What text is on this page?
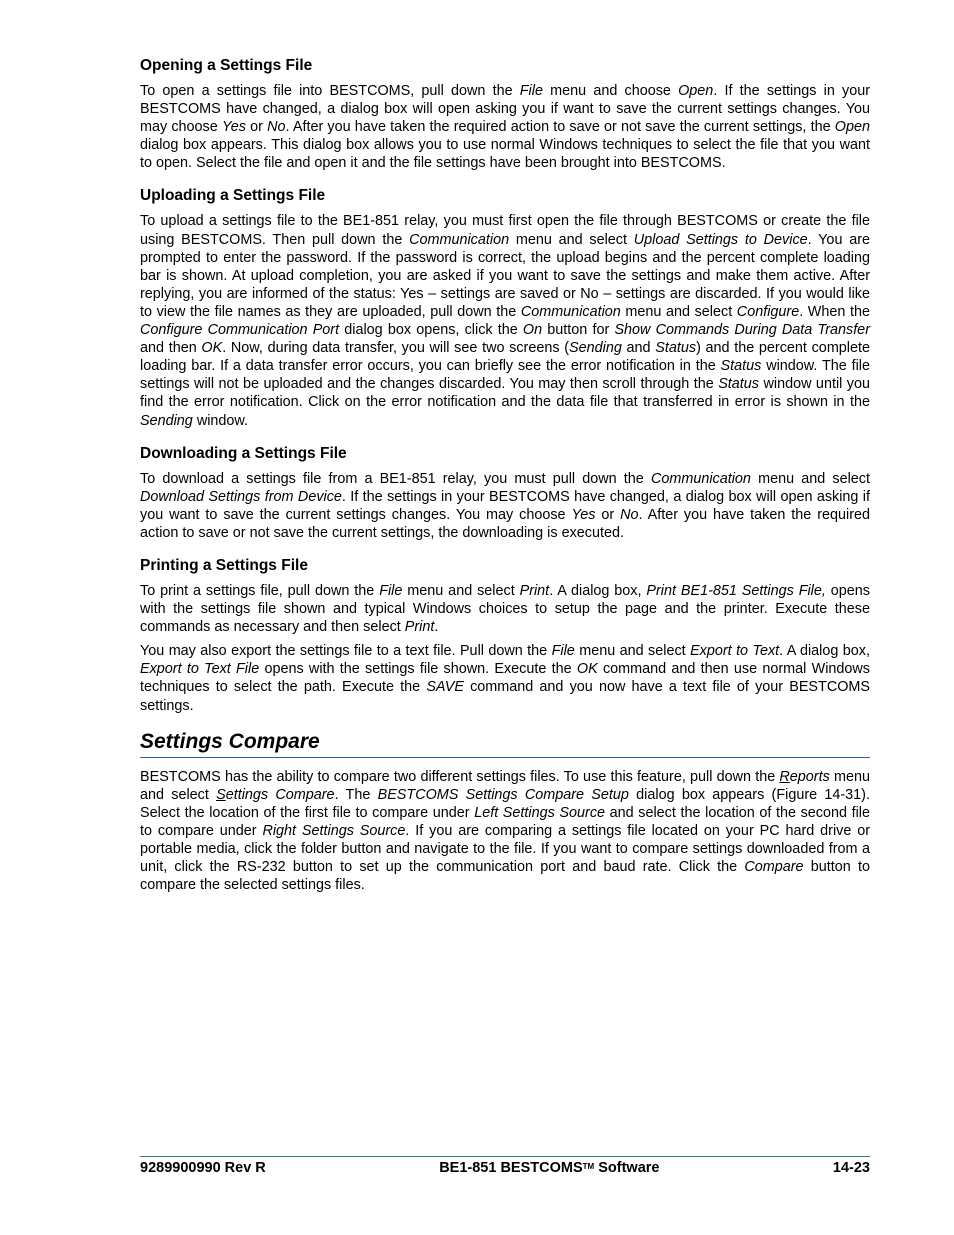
Opening a Settings File

To open a settings file into BESTCOMS, pull down the File menu and choose Open. If the settings in your BESTCOMS have changed, a dialog box will open asking you if want to save the current settings changes. You may choose Yes or No. After you have taken the required action to save or not save the current settings, the Open dialog box appears. This dialog box allows you to use normal Windows techniques to select the file that you want to open. Select the file and open it and the file settings have been brought into BESTCOMS.

Uploading a Settings File

To upload a settings file to the BE1-851 relay, you must first open the file through BESTCOMS or create the file using BESTCOMS. Then pull down the Communication menu and select Upload Settings to Device. You are prompted to enter the password. If the password is correct, the upload begins and the percent complete loading bar is shown. At upload completion, you are asked if you want to save the settings and make them active. After replying, you are informed of the status: Yes – settings are saved or No – settings are discarded. If you would like to view the file names as they are uploaded, pull down the Communication menu and select Configure. When the Configure Communication Port dialog box opens, click the On button for Show Commands During Data Transfer and then OK. Now, during data transfer, you will see two screens (Sending and Status) and the percent complete loading bar. If a data transfer error occurs, you can briefly see the error notification in the Status window. The file settings will not be uploaded and the changes discarded. You may then scroll through the Status window until you find the error notification. Click on the error notification and the data file that transferred in error is shown in the Sending window.

Downloading a Settings File

To download a settings file from a BE1-851 relay, you must pull down the Communication menu and select Download Settings from Device. If the settings in your BESTCOMS have changed, a dialog box will open asking if you want to save the current settings changes. You may choose Yes or No. After you have taken the required action to save or not save the current settings, the downloading is executed.

Printing a Settings File

To print a settings file, pull down the File menu and select Print. A dialog box, Print BE1-851 Settings File, opens with the settings file shown and typical Windows choices to setup the page and the printer. Execute these commands as necessary and then select Print.

You may also export the settings file to a text file. Pull down the File menu and select Export to Text. A dialog box, Export to Text File opens with the settings file shown. Execute the OK command and then use normal Windows techniques to select the path. Execute the SAVE command and you now have a text file of your BESTCOMS settings.

Settings Compare

BESTCOMS has the ability to compare two different settings files. To use this feature, pull down the Reports menu and select Settings Compare. The BESTCOMS Settings Compare Setup dialog box appears (Figure 14-31). Select the location of the first file to compare under Left Settings Source and select the location of the second file to compare under Right Settings Source. If you are comparing a settings file located on your PC hard drive or portable media, click the folder button and navigate to the file. If you want to compare settings downloaded from a unit, click the RS-232 button to set up the communication port and baud rate. Click the Compare button to compare the selected settings files.

9289900990 Rev R	BE1-851 BESTCOMS™ Software	14-23
